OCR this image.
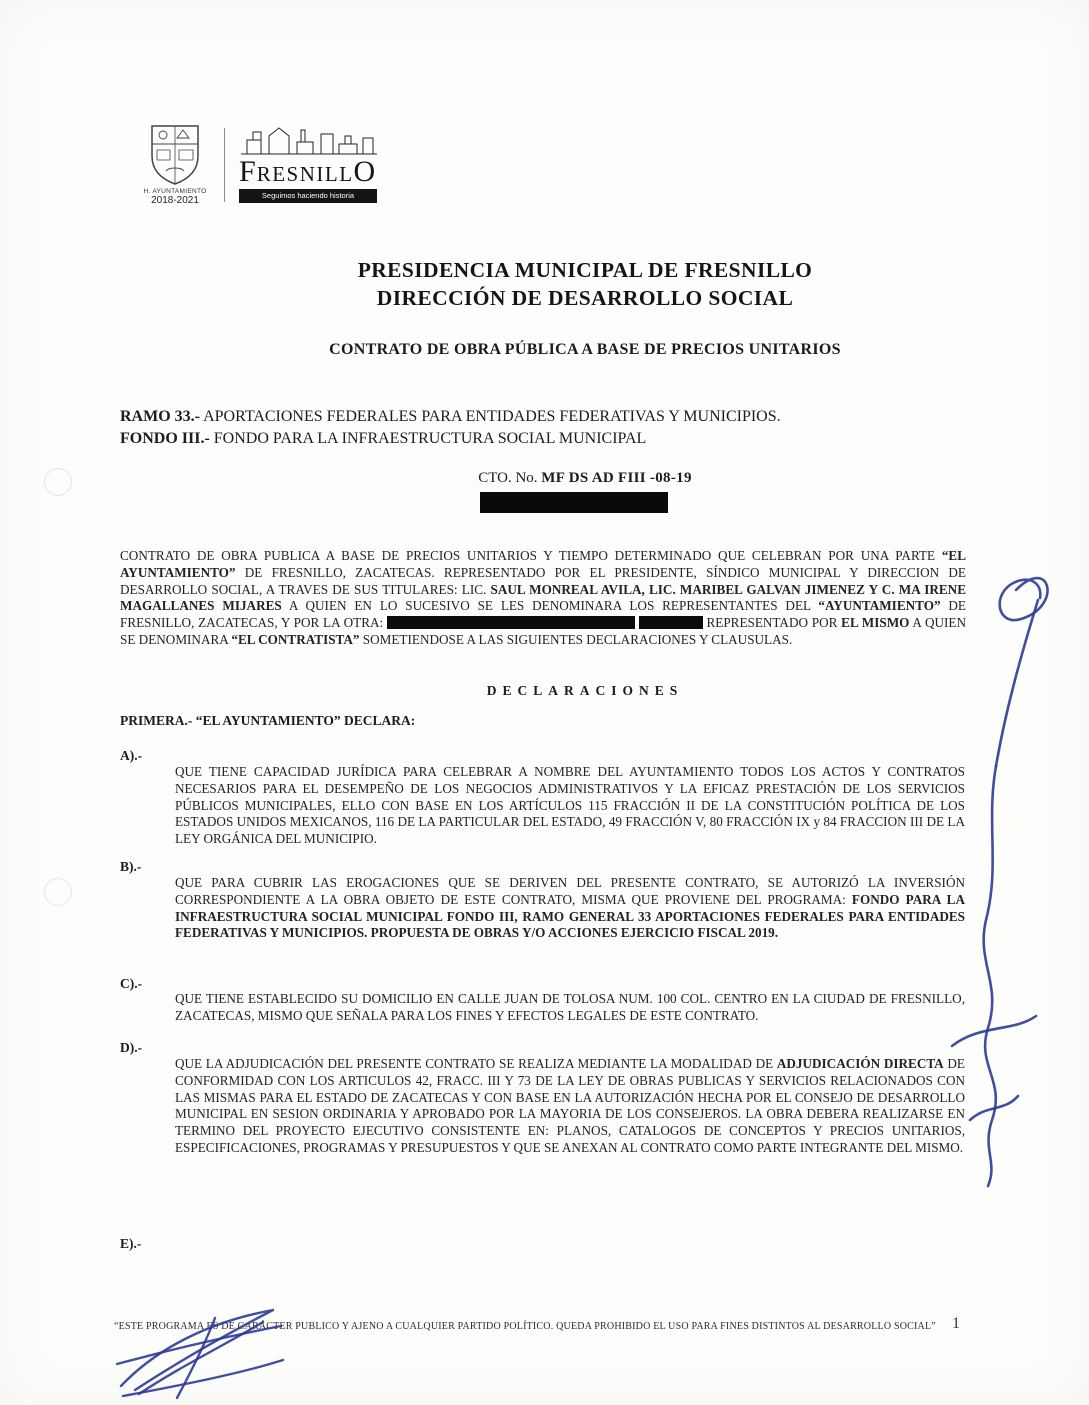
H. AYUNTAMIENTO
2018-2021
F RESNILL O
Seguimos haciendo historia
PRESIDENCIA MUNICIPAL DE FRESNILLO
DIRECCIÓN DE DESARROLLO SOCIAL
CONTRATO DE OBRA PÚBLICA A BASE DE PRECIOS UNITARIOS
RAMO 33.- APORTACIONES FEDERALES PARA ENTIDADES FEDERATIVAS Y MUNICIPIOS.
FONDO III.- FONDO PARA LA INFRAESTRUCTURA SOCIAL MUNICIPAL
CTO. No. MF DS AD FIII -08-19

CONTRATO DE OBRA PUBLICA A BASE DE PRECIOS UNITARIOS Y TIEMPO DETERMINADO QUE CELEBRAN POR UNA PARTE “EL AYUNTAMIENTO” DE FRESNILLO, ZACATECAS. REPRESENTADO POR EL PRESIDENTE, SÍNDICO MUNICIPAL Y DIRECCION DE DESARROLLO SOCIAL, A TRAVES DE SUS TITULARES: LIC. SAUL MONREAL AVILA, LIC. MARIBEL GALVAN JIMENEZ Y C. MA IRENE MAGALLANES MIJARES A QUIEN EN LO SUCESIVO SE LES DENOMINARA LOS REPRESENTANTES DEL “AYUNTAMIENTO” DE FRESNILLO, ZACATECAS, Y POR LA OTRA:	REPRESENTADO POR EL MISMO A QUIEN SE DENOMINARA “EL CONTRATISTA” SOMETIENDOSE A LAS SIGUIENTES DECLARACIONES Y CLAUSULAS.

DECLARACIONES
PRIMERA.- “EL AYUNTAMIENTO” DECLARA:
A).-

QUE TIENE CAPACIDAD JURÍDICA PARA CELEBRAR A NOMBRE DEL AYUNTAMIENTO TODOS LOS ACTOS Y CONTRATOS NECESARIOS PARA EL DESEMPEÑO DE LOS NEGOCIOS ADMINISTRATIVOS Y LA EFICAZ PRESTACIÓN DE LOS SERVICIOS PÚBLICOS MUNICIPALES, ELLO CON BASE EN LOS ARTÍCULOS 115 FRACCIÓN II DE LA CONSTITUCIÓN POLÍTICA DE LOS ESTADOS UNIDOS MEXICANOS, 116 DE LA PARTICULAR DEL ESTADO, 49 FRACCIÓN V, 80 FRACCIÓN IX y 84 FRACCION III DE LA LEY ORGÁNICA DEL MUNICIPIO.

B).-

QUE PARA CUBRIR LAS EROGACIONES QUE SE DERIVEN DEL PRESENTE CONTRATO, SE AUTORIZÓ LA INVERSIÓN CORRESPONDIENTE A LA OBRA OBJETO DE ESTE CONTRATO, MISMA QUE PROVIENE DEL PROGRAMA: FONDO PARA LA INFRAESTRUCTURA SOCIAL MUNICIPAL FONDO III, RAMO GENERAL 33 APORTACIONES FEDERALES PARA ENTIDADES FEDERATIVAS Y MUNICIPIOS. PROPUESTA DE OBRAS Y/O ACCIONES EJERCICIO FISCAL 2019.

C).-

QUE TIENE ESTABLECIDO SU DOMICILIO EN CALLE JUAN DE TOLOSA NUM. 100 COL. CENTRO EN LA CIUDAD DE FRESNILLO, ZACATECAS, MISMO QUE SEÑALA PARA LOS FINES Y EFECTOS LEGALES DE ESTE CONTRATO.

D).-

QUE LA ADJUDICACIÓN DEL PRESENTE CONTRATO SE REALIZA MEDIANTE LA MODALIDAD DE ADJUDICACIÓN DIRECTA DE CONFORMIDAD CON LOS ARTICULOS 42, FRACC. III Y 73 DE LA LEY DE OBRAS PUBLICAS Y SERVICIOS RELACIONADOS CON LAS MISMAS PARA EL ESTADO DE ZACATECAS Y CON BASE EN LA AUTORIZACIÓN HECHA POR EL CONSEJO DE DESARROLLO MUNICIPAL EN SESION ORDINARIA Y APROBADO POR LA MAYORIA DE LOS CONSEJEROS. LA OBRA DEBERA REALIZARSE EN TERMINO DEL PROYECTO EJECUTIVO CONSISTENTE EN: PLANOS, CATALOGOS DE CONCEPTOS Y PRECIOS UNITARIOS, ESPECIFICACIONES, PROGRAMAS Y PRESUPUESTOS Y QUE SE ANEXAN AL CONTRATO COMO PARTE INTEGRANTE DEL MISMO.

E).-
“ESTE PROGRAMA ES DE CARÁCTER PUBLICO Y AJENO A CUALQUIER PARTIDO POLÍTICO. QUEDA PROHIBIDO EL USO PARA FINES DISTINTOS AL DESARROLLO SOCIAL” 1
